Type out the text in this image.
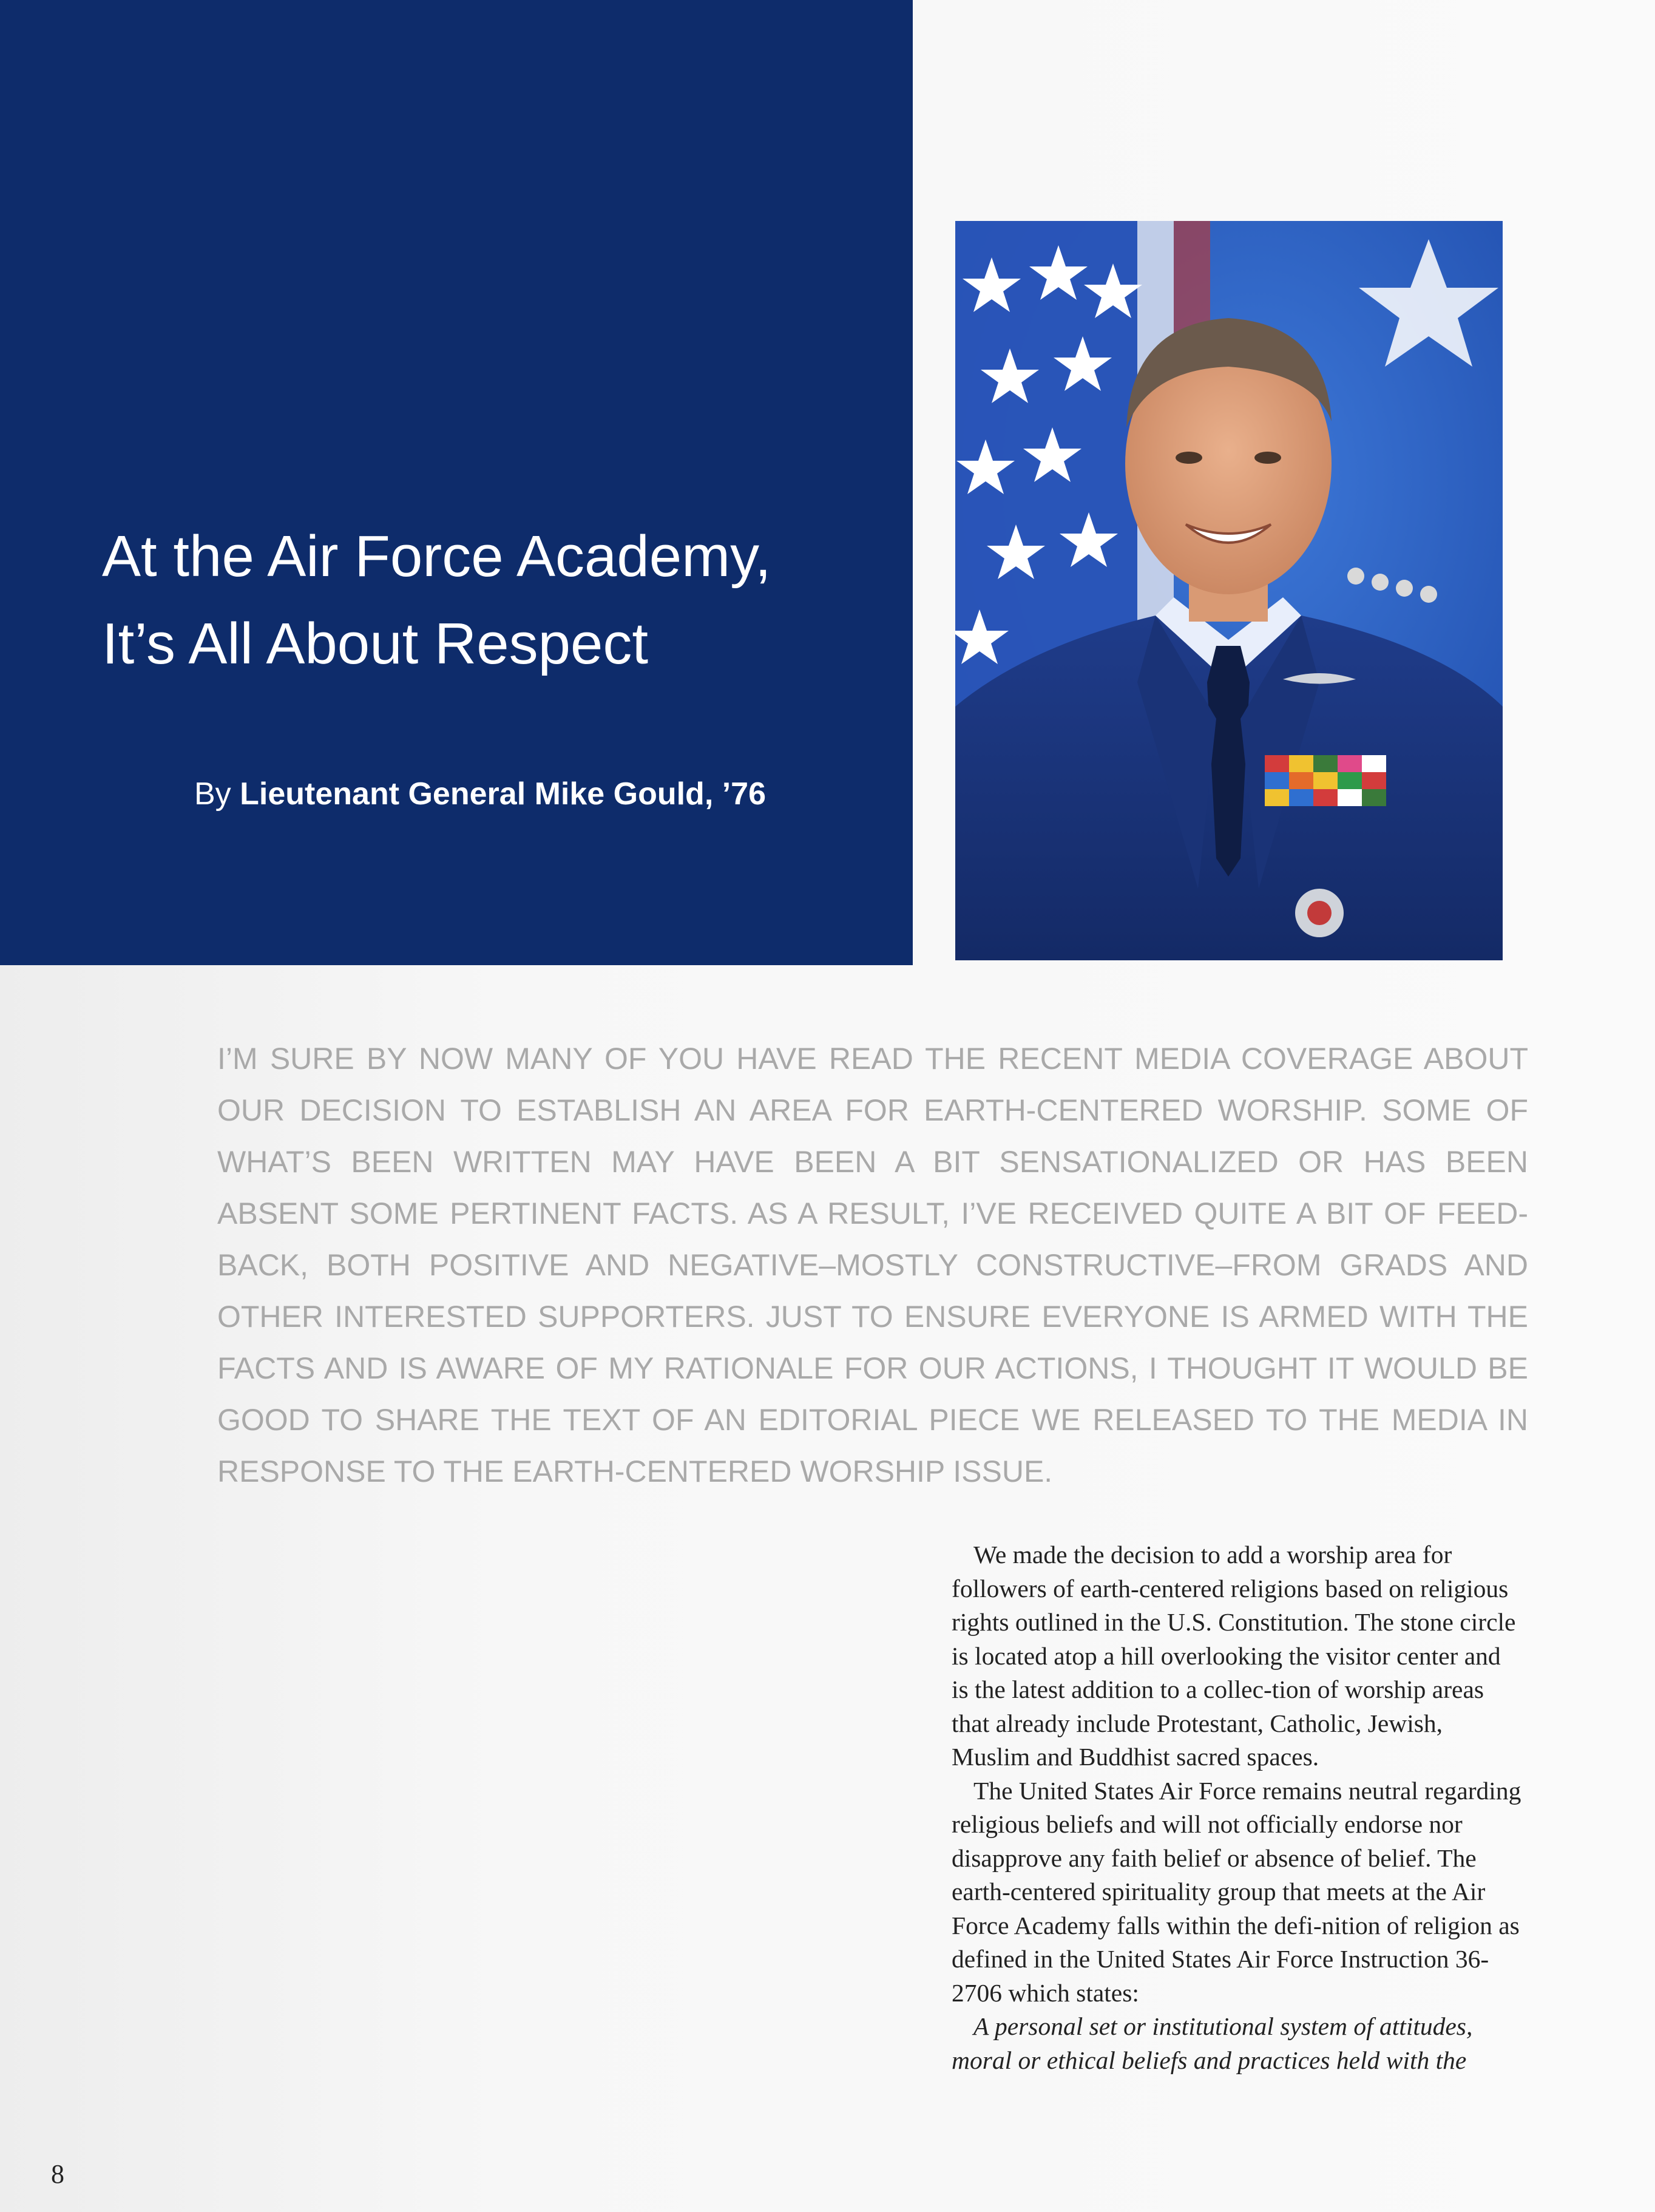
At the Air Force Academy,
It’s All About Respect
By Lieutenant General Mike Gould, ’76

I’M SURE BY NOW MANY OF YOU HAVE READ THE RECENT MEDIA COVERAGE ABOUT OUR DECISION TO ESTABLISH AN AREA FOR EARTH-CENTERED WORSHIP. SOME OF WHAT’S BEEN WRITTEN MAY HAVE BEEN A BIT SENSATIONALIZED OR HAS BEEN ABSENT SOME PERTINENT FACTS. AS A RESULT, I’VE RECEIVED QUITE A BIT OF FEED-BACK, BOTH POSITIVE AND NEGATIVE–MOSTLY CONSTRUCTIVE–FROM GRADS AND OTHER INTERESTED SUPPORTERS. JUST TO ENSURE EVERYONE IS ARMED WITH THE FACTS AND IS AWARE OF MY RATIONALE FOR OUR ACTIONS, I THOUGHT IT WOULD BE GOOD TO SHARE THE TEXT OF AN EDITORIAL PIECE WE RELEASED TO THE MEDIA IN RESPONSE TO THE EARTH-CENTERED WORSHIP ISSUE.

We made the decision to add a worship area for followers of earth-centered religions based on religious rights outlined in the U.S. Constitution. The stone circle is located atop a hill overlooking the visitor center and is the latest addition to a collec-tion of worship areas that already include Protestant, Catholic, Jewish, Muslim and Buddhist sacred spaces.

The United States Air Force remains neutral regarding religious beliefs and will not officially endorse nor disapprove any faith belief or absence of belief. The earth-centered spirituality group that meets at the Air Force Academy falls within the defi-nition of religion as defined in the United States Air Force Instruction 36-2706 which states:

A personal set or institutional system of attitudes, moral or ethical beliefs and practices held with the

8
